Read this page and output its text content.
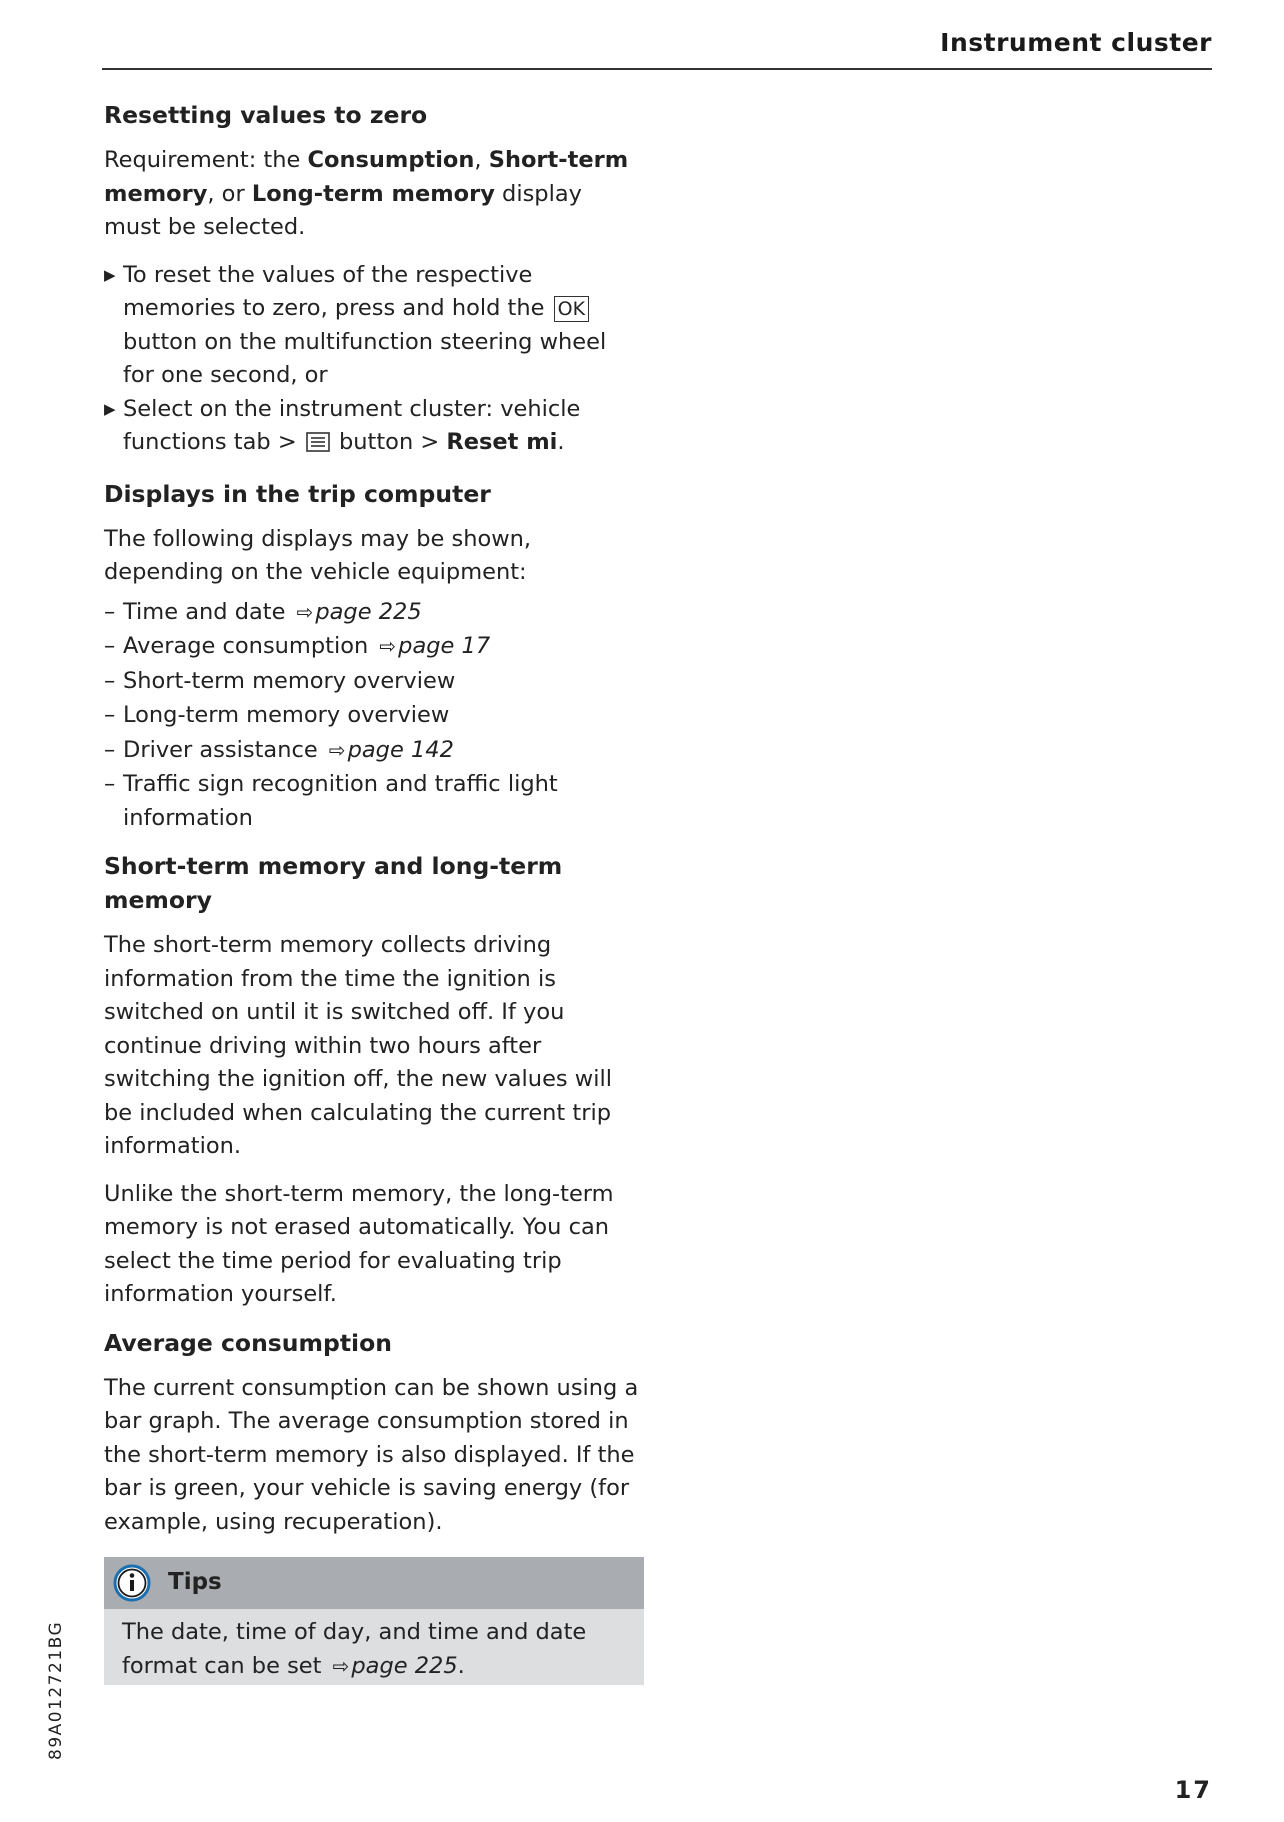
Instrument cluster
Resetting values to zero

Requirement: the Consumption, Short-term memory, or Long-term memory display must be selected.

▶ To reset the values of the respective memories to zero, press and hold the OK button on the multifunction steering wheel for one second, or
▶ Select on the instrument cluster: vehicle functions tab >  button > Reset mi.
Displays in the trip computer

The following displays may be shown, depending on the vehicle equipment:

– Time and date ⇨page 225
– Average consumption ⇨page 17
– Short-term memory overview
– Long-term memory overview
– Driver assistance ⇨page 142
– Traffic sign recognition and traffic light information
Short-term memory and long-term memory

The short-term memory collects driving information from the time the ignition is switched on until it is switched off. If you continue driving within two hours after switching the ignition off, the new values will be included when calculating the current trip information.

Unlike the short-term memory, the long-term memory is not erased automatically. You can select the time period for evaluating trip information yourself.

Average consumption

The current consumption can be shown using a bar graph. The average consumption stored in the short-term memory is also displayed. If the bar is green, your vehicle is saving energy (for example, using recuperation).

Tips
The date, time of day, and time and date format can be set ⇨page 225.
89A012721BG
17
